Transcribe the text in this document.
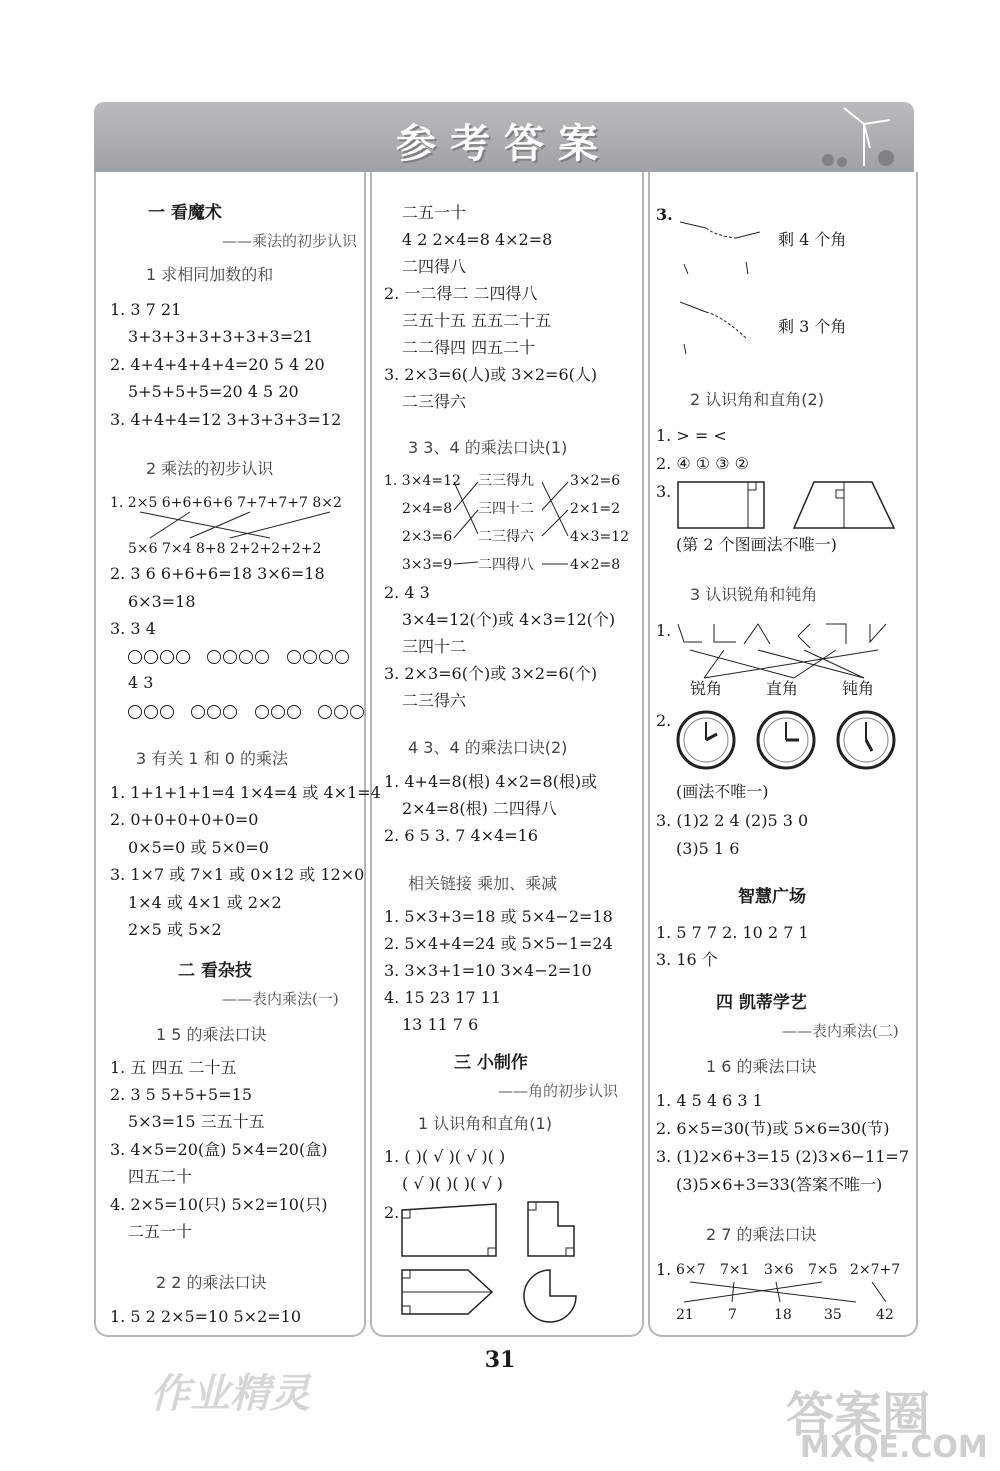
参考答案
一 看魔术
——乘法的初步认识
1 求相同加数的和
1. 3 7 21
3+3+3+3+3+3+3=21
2. 4+4+4+4+4=20 5 4 20
5+5+5+5=20 4 5 20
3. 4+4+4=12 3+3+3+3=12
2 乘法的初步认识
1. 2×5 6+6+6+6 7+7+7+7 8×2
5×6 7×4 8+8 2+2+2+2+2
2. 3 6 6+6+6=18 3×6=18
6×3=18
3. 3 4

4 3

3 有关 1 和 0 的乘法
1. 1+1+1+1=4 1×4=4 或 4×1=4
2. 0+0+0+0+0=0
0×5=0 或 5×0=0
3. 1×7 或 7×1 或 0×12 或 12×0
1×4 或 4×1 或 2×2
2×5 或 5×2
二 看杂技
——表内乘法(一)
1 5 的乘法口诀
1. 五 四五 二十五
2. 3 5 5+5+5=15
5×3=15 三五十五
3. 4×5=20(盒) 5×4=20(盒)
四五二十
4. 2×5=10(只) 5×2=10(只)
二五一十
2 2 的乘法口诀
1. 5 2 2×5=10 5×2=10
二五一十
4 2 2×4=8 4×2=8
二四得八
2. 一二得二 二四得八
三五十五 五五二十五
二二得四 四五二十
3. 2×3=6(人)或 3×2=6(人)
二三得六
3 3、4 的乘法口诀(1)
1. 3×4=12 三三得九	3×2=6
2×4=8 三四十二	2×1=2
2×3=6 二三得六	4×3=12
3×3=9 二四得八	4×2=8
2. 4 3
3×4=12(个)或 4×3=12(个)
三四十二
3. 2×3=6(个)或 3×2=6(个)
二三得六
4 3、4 的乘法口诀(2)
1. 4+4=8(根) 4×2=8(根)或
2×4=8(根) 二四得八
2. 6 5 3. 7 4×4=16
相关链接 乘加、乘减
1. 5×3+3=18 或 5×4−2=18
2. 5×4+4=24 或 5×5−1=24
3. 3×3+1=10 3×4−2=10
4. 15 23 17 11
13 11 7 6
三 小制作
——角的初步认识
1 认识角和直角(1)
1. ( )( √ )( √ )( )
( √ )( )( )( √ )
2.
3.
剩 4 个角
剩 3 个角
2 认识角和直角(2)
1. > = <
2. ④ ① ③ ②
3.
(第 2 个图画法不唯一)
3 认识锐角和钝角
1.
锐角	直角	钝角
2.
(画法不唯一)
3. (1)2 2 4 (2)5 3 0
(3)5 1 6
智慧广场
1. 5 7 7 2. 10 2 7 1
3. 16 个
四 凯蒂学艺
——表内乘法(二)
1 6 的乘法口诀
1. 4 5 4 6 3 1
2. 6×5=30(节)或 5×6=30(节)
3. (1)2×6+3=15 (2)3×6−11=7
(3)5×6+3=33(答案不唯一)
2 7 的乘法口诀
1. 6×7 7×1 3×6 7×5 2×7+7
21 7	18 35 42
31
作业精灵	答案圈
MXQE.COM
